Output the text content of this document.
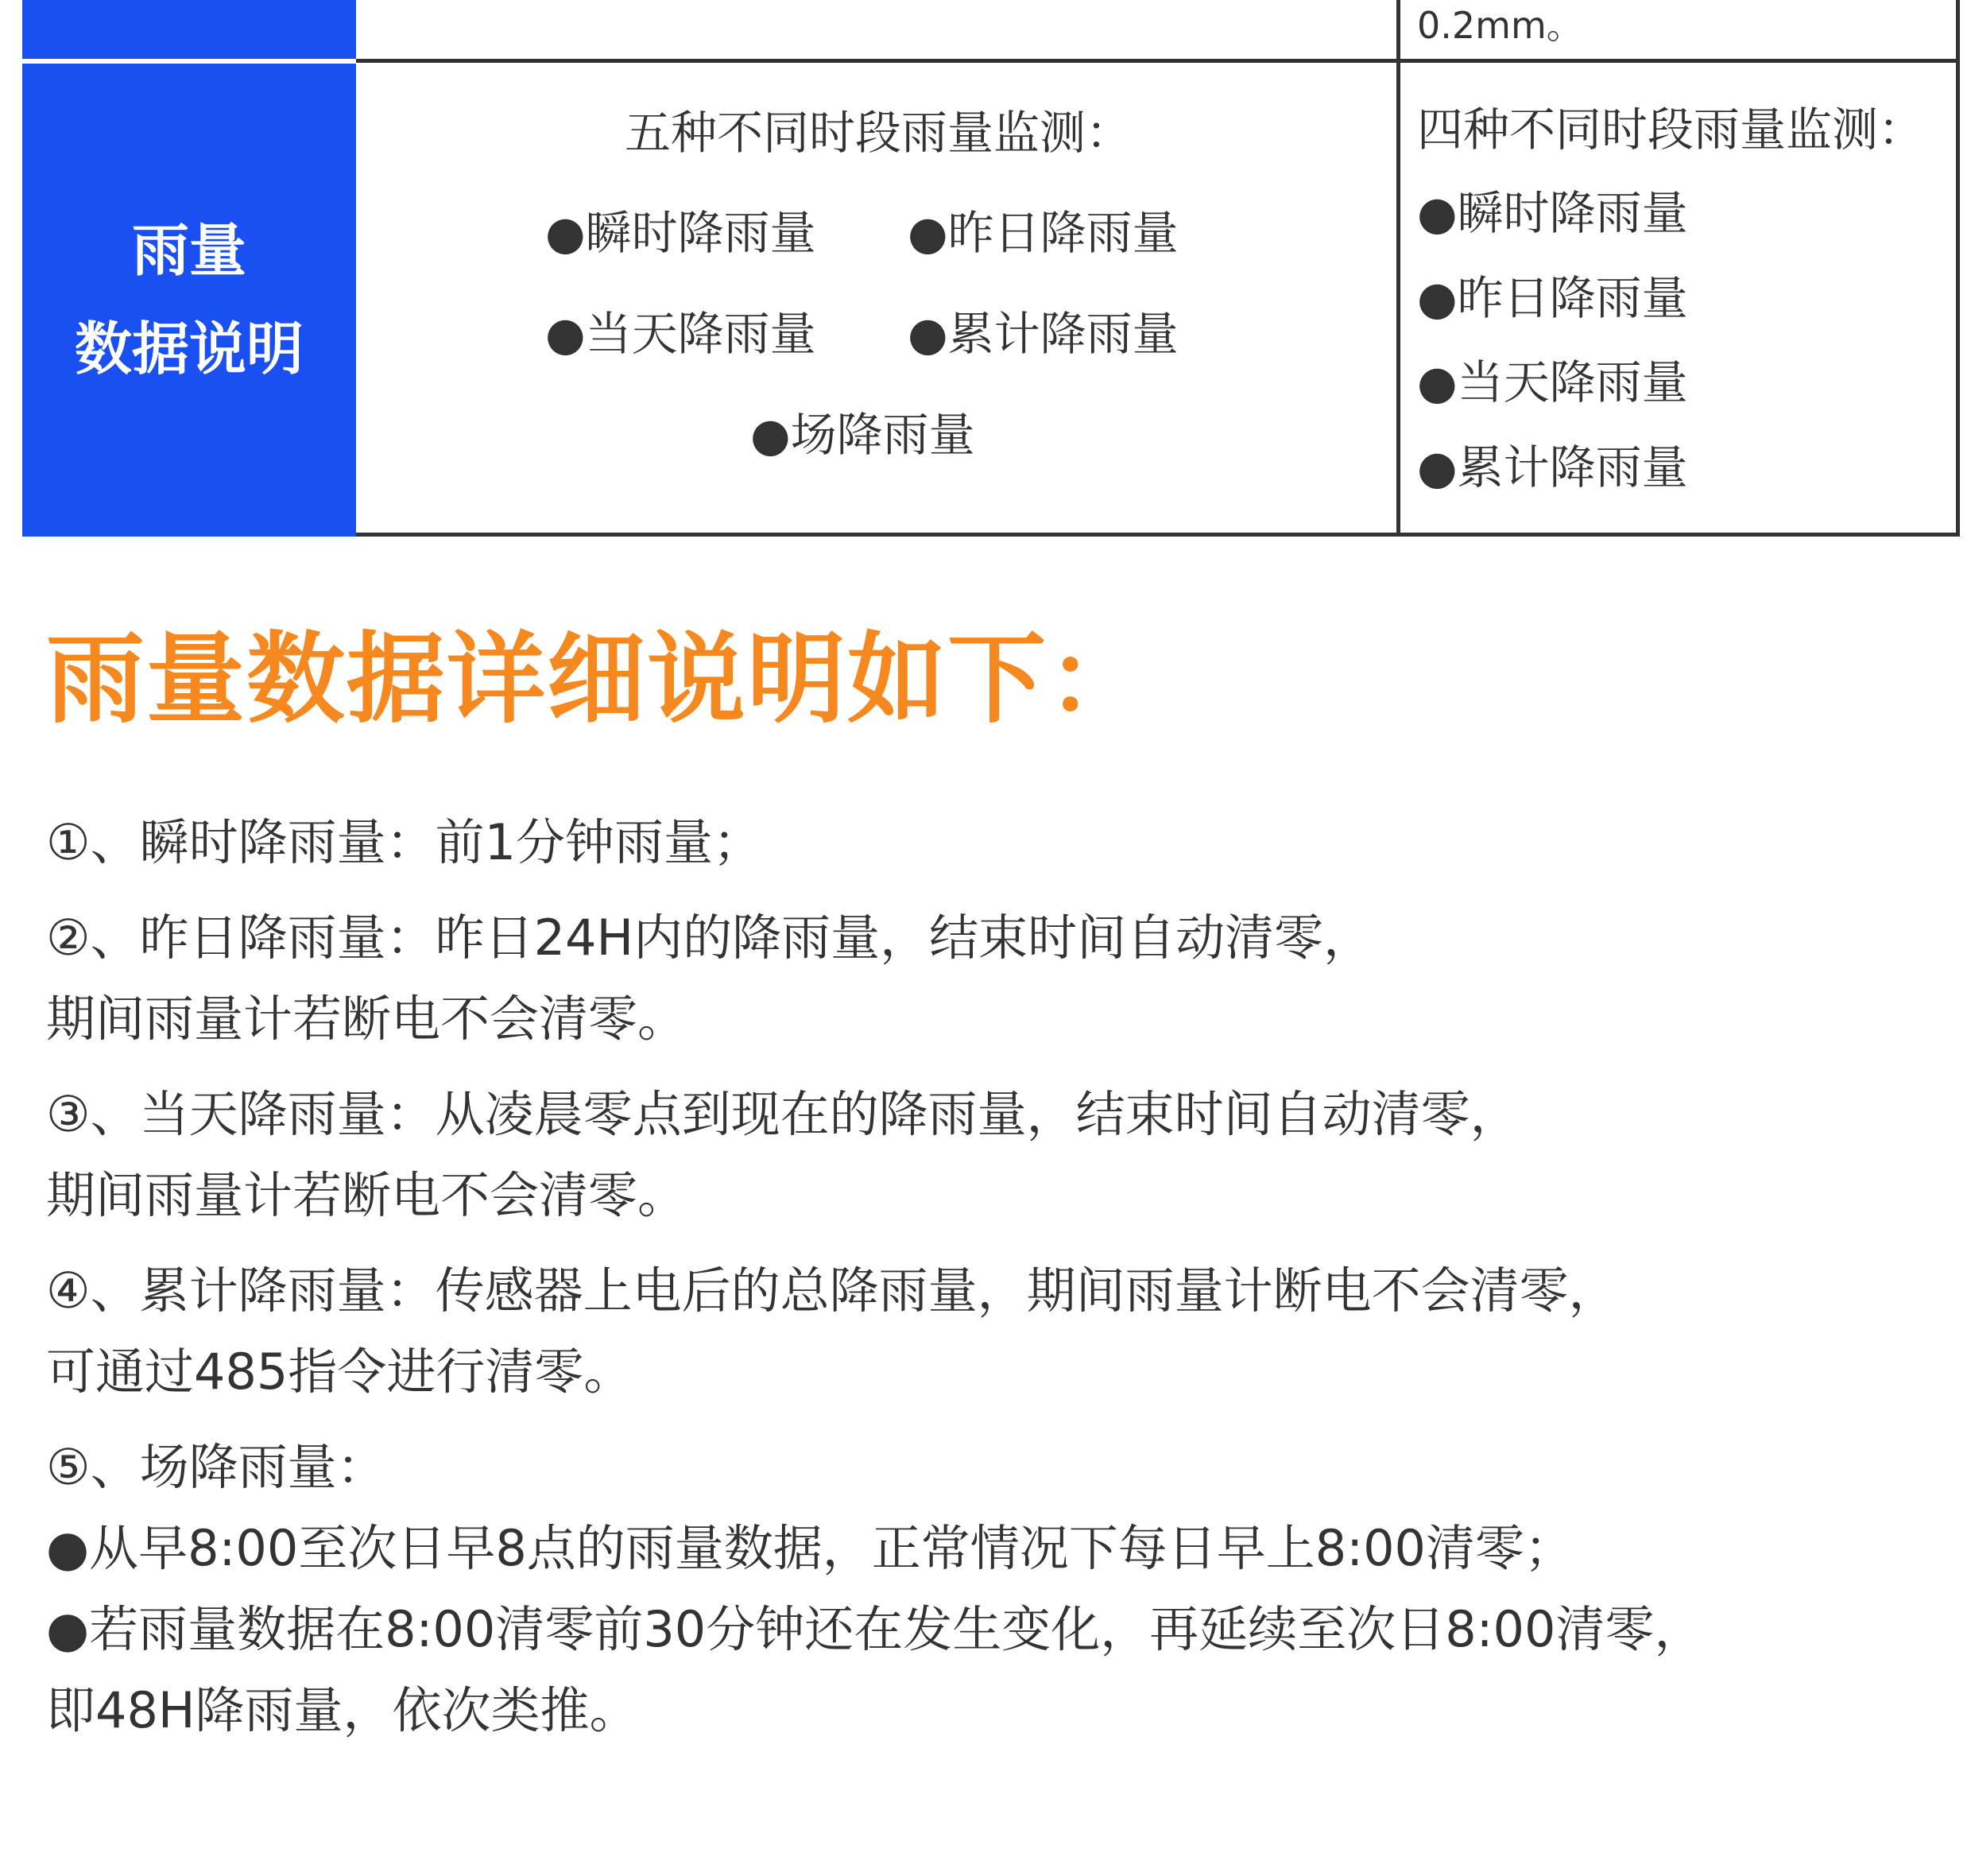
0.2mm。
雨量
数据说明
五种不同时段雨量监测：
●瞬时降雨量 ●昨日降雨量
●当天降雨量 ●累计降雨量
●场降雨量
四种不同时段雨量监测：
●瞬时降雨量
●昨日降雨量
●当天降雨量
●累计降雨量
雨量数据详细说明如下：
①、瞬时降雨量：前1分钟雨量；
②、昨日降雨量：昨日24H内的降雨量，结束时间自动清零，
期间雨量计若断电不会清零。
③、当天降雨量：从凌晨零点到现在的降雨量，结束时间自动清零，
期间雨量计若断电不会清零。
④、累计降雨量：传感器上电后的总降雨量，期间雨量计断电不会清零，
可通过485指令进行清零。
⑤、场降雨量：
●从早8:00至次日早8点的雨量数据，正常情况下每日早上8:00清零；
●若雨量数据在8:00清零前30分钟还在发生变化，再延续至次日8:00清零，
即48H降雨量，依次类推。
